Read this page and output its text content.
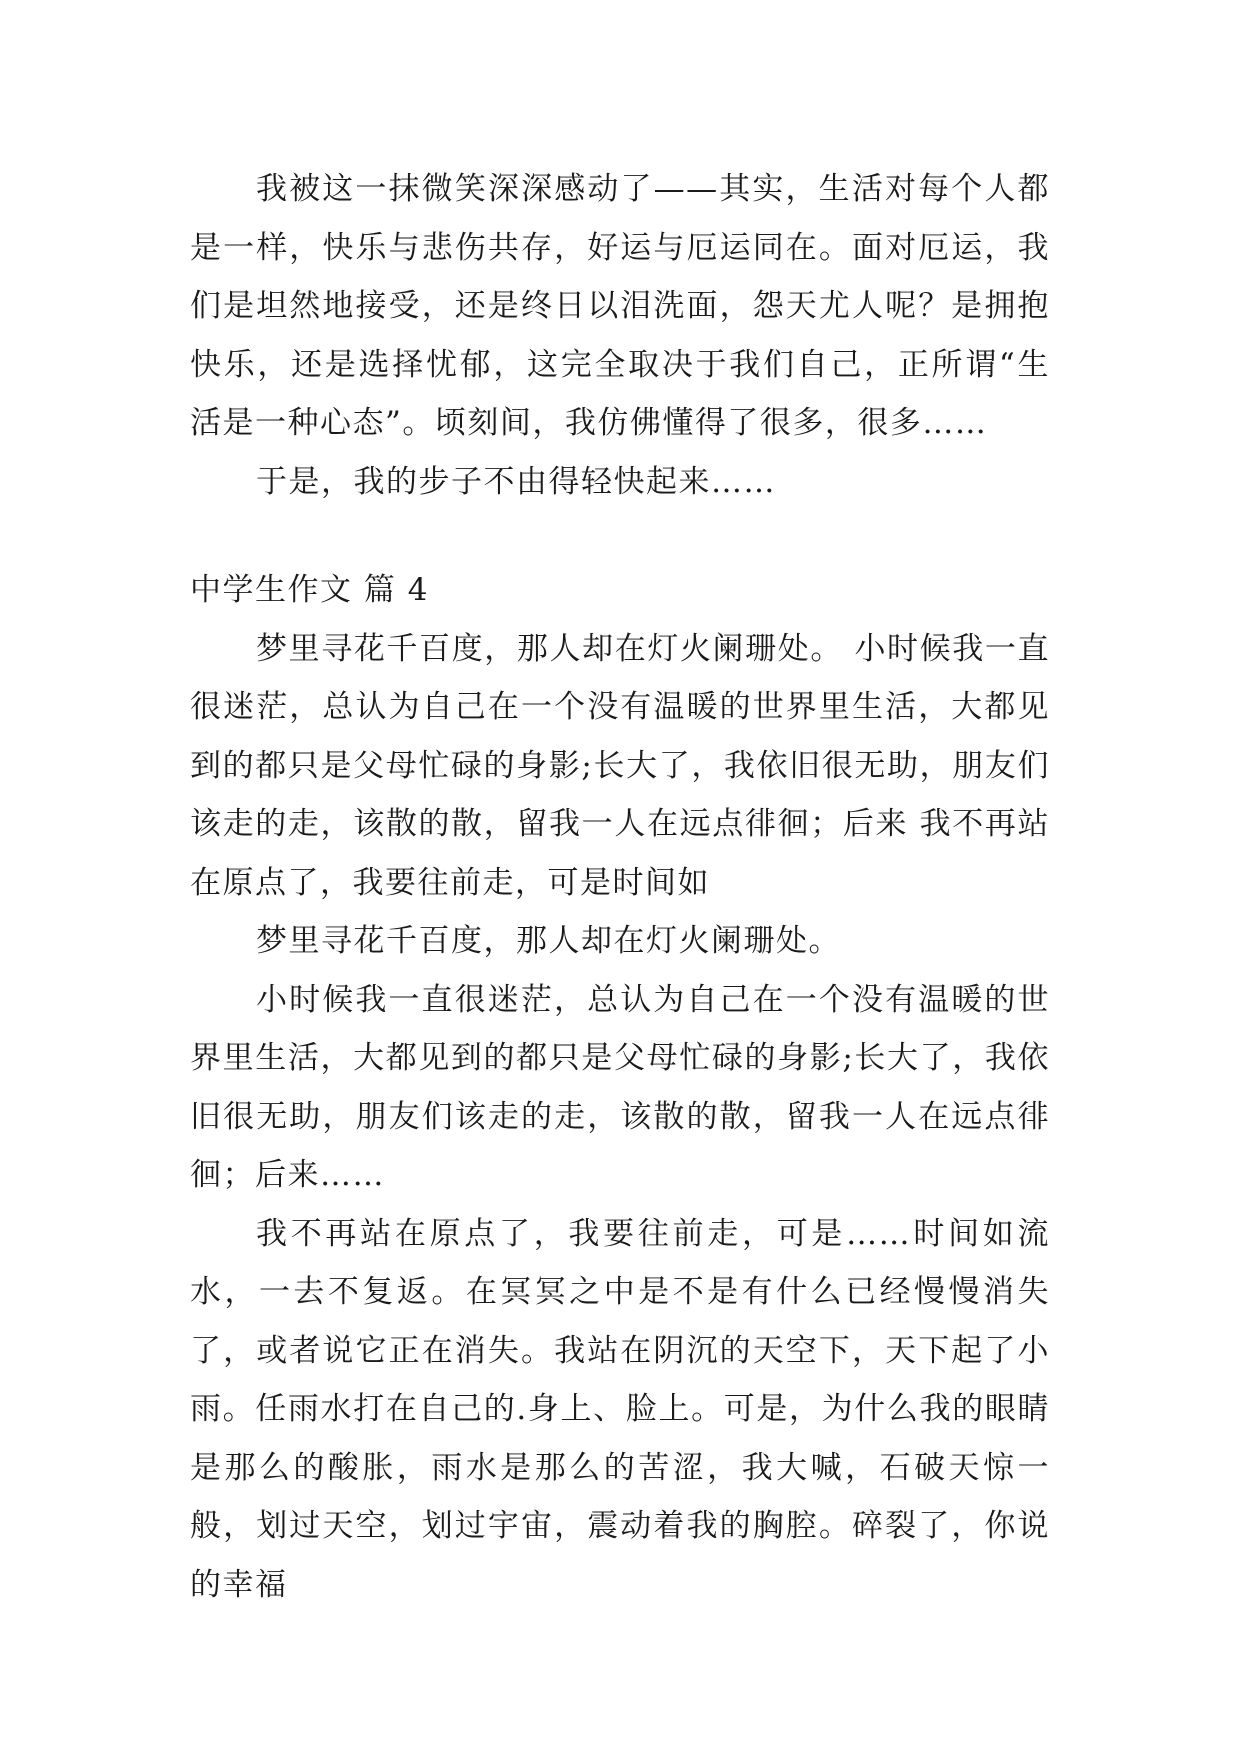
我被这一抹微笑深深感动了——其实，生活对每个人都是一样，快乐与悲伤共存，好运与厄运同在。面对厄运，我们是坦然地接受，还是终日以泪洗面，怨天尤人呢？是拥抱快乐，还是选择忧郁，这完全取决于我们自己，正所谓“生活是一种心态”。顷刻间，我仿佛懂得了很多，很多……

于是，我的步子不由得轻快起来……

中学生作文 篇 4

梦里寻花千百度，那人却在灯火阑珊处。 小时候我一直很迷茫，总认为自己在一个没有温暖的世界里生活，大都见到的都只是父母忙碌的身影;长大了，我依旧很无助，朋友们该走的走，该散的散，留我一人在远点徘徊；后来 我不再站在原点了，我要往前走，可是时间如

梦里寻花千百度，那人却在灯火阑珊处。

小时候我一直很迷茫，总认为自己在一个没有温暖的世界里生活，大都见到的都只是父母忙碌的身影;长大了，我依旧很无助，朋友们该走的走，该散的散，留我一人在远点徘徊；后来……

我不再站在原点了，我要往前走，可是……时间如流水，一去不复返。在冥冥之中是不是有什么已经慢慢消失了，或者说它正在消失。我站在阴沉的天空下，天下起了小雨。任雨水打在自己的.身上、脸上。可是，为什么我的眼睛是那么的酸胀，雨水是那么的苦涩，我大喊，石破天惊一般，划过天空，划过宇宙，震动着我的胸腔。碎裂了，你说的幸福
